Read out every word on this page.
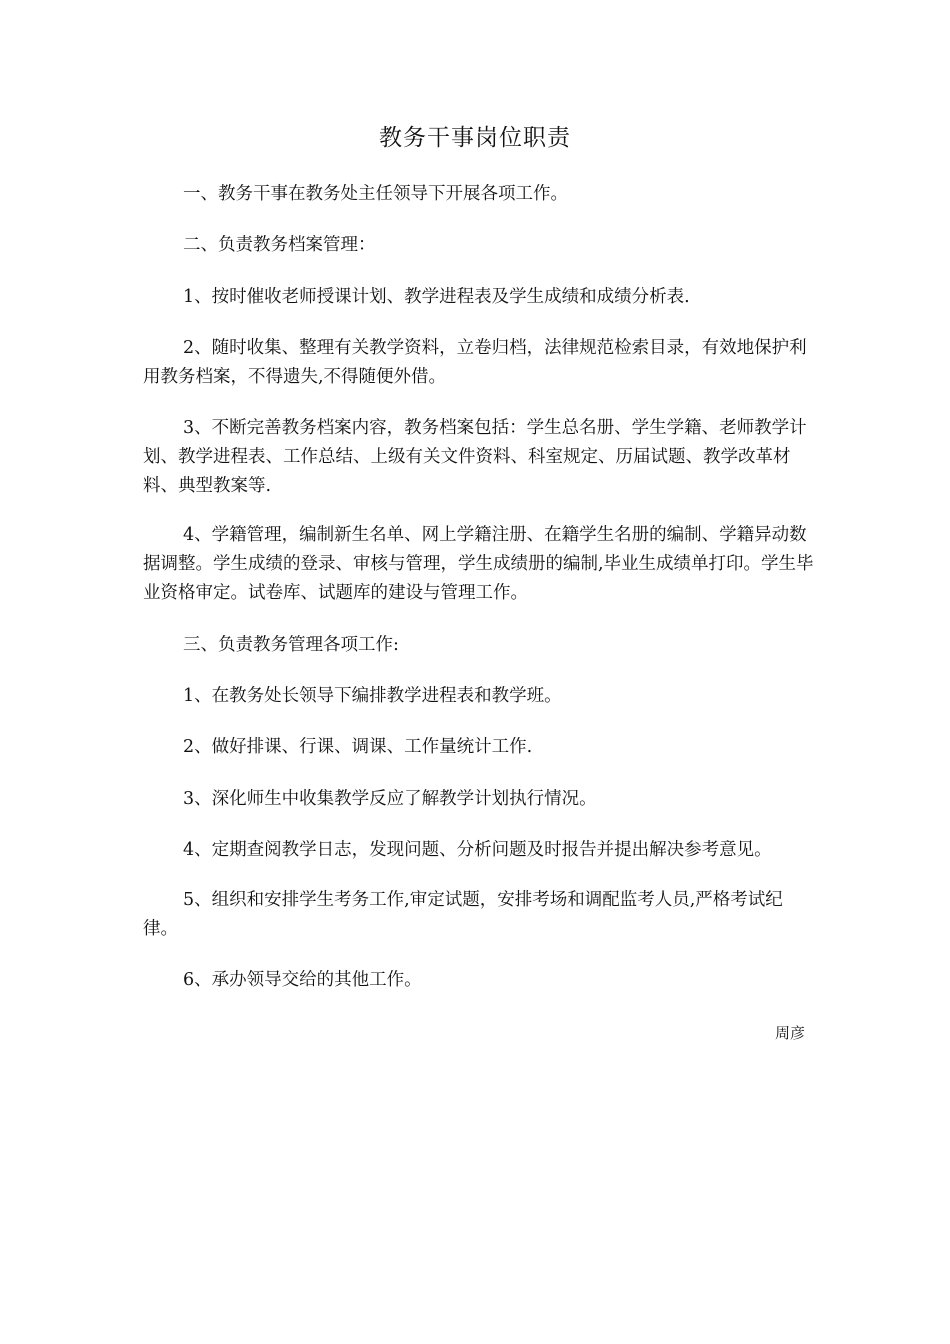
教务干事岗位职责

一、教务干事在教务处主任领导下开展各项工作。

二、负责教务档案管理：

1、按时催收老师授课计划、教学进程表及学生成绩和成绩分析表.

2、随时收集、整理有关教学资料，立卷归档，法律规范检索目录，有效地保护利用教务档案，不得遗失,不得随便外借。

3、不断完善教务档案内容，教务档案包括：学生总名册、学生学籍、老师教学计划、教学进程表、工作总结、上级有关文件资料、科室规定、历届试题、教学改革材料、典型教案等.

4、学籍管理，编制新生名单、网上学籍注册、在籍学生名册的编制、学籍异动数据调整。学生成绩的登录、审核与管理，学生成绩册的编制,毕业生成绩单打印。学生毕业资格审定。试卷库、试题库的建设与管理工作。

三、负责教务管理各项工作:

1、在教务处长领导下编排教学进程表和教学班。

2、做好排课、行课、调课、工作量统计工作.

3、深化师生中收集教学反应了解教学计划执行情况。

4、定期查阅教学日志，发现问题、分析问题及时报告并提出解决参考意见。

5、组织和安排学生考务工作,审定试题，安排考场和调配监考人员,严格考试纪律。

6、承办领导交给的其他工作。

周彦
